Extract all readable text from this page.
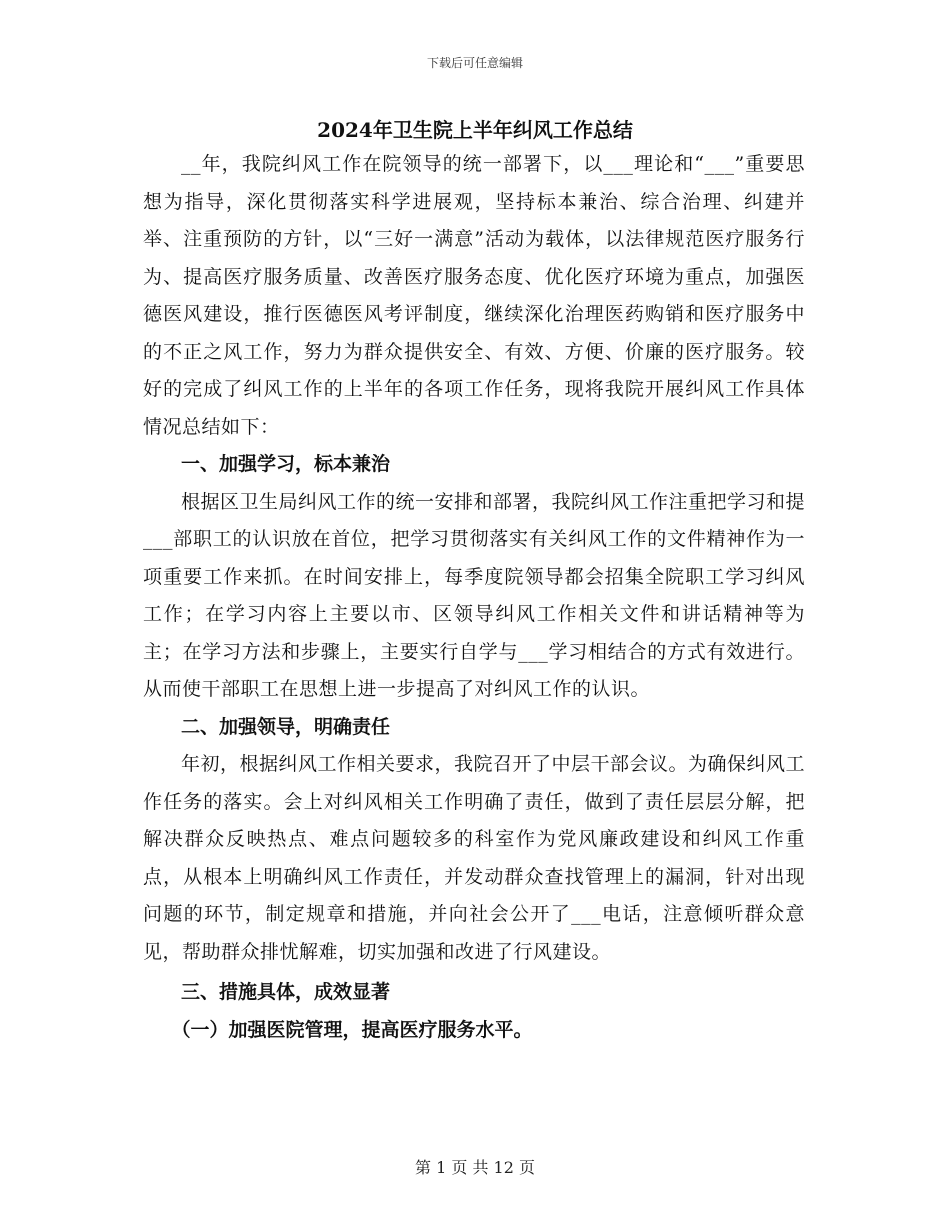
下载后可任意编辑
2024年卫生院上半年纠风工作总结

__年，我院纠风工作在院领导的统一部署下，以___理论和“___”重要思想为指导，深化贯彻落实科学进展观，坚持标本兼治、综合治理、纠建并举、注重预防的方针，以“三好一满意”活动为载体，以法律规范医疗服务行为、提高医疗服务质量、改善医疗服务态度、优化医疗环境为重点，加强医德医风建设，推行医德医风考评制度，继续深化治理医药购销和医疗服务中的不正之风工作，努力为群众提供安全、有效、方便、价廉的医疗服务。较好的完成了纠风工作的上半年的各项工作任务，现将我院开展纠风工作具体情况总结如下：

一、加强学习，标本兼治

根据区卫生局纠风工作的统一安排和部署，我院纠风工作注重把学习和提___部职工的认识放在首位，把学习贯彻落实有关纠风工作的文件精神作为一项重要工作来抓。在时间安排上，每季度院领导都会招集全院职工学习纠风工作；在学习内容上主要以市、区领导纠风工作相关文件和讲话精神等为主；在学习方法和步骤上，主要实行自学与___学习相结合的方式有效进行。从而使干部职工在思想上进一步提高了对纠风工作的认识。

二、加强领导，明确责任

年初，根据纠风工作相关要求，我院召开了中层干部会议。为确保纠风工作任务的落实。会上对纠风相关工作明确了责任，做到了责任层层分解，把解决群众反映热点、难点问题较多的科室作为党风廉政建设和纠风工作重点，从根本上明确纠风工作责任，并发动群众查找管理上的漏洞，针对出现问题的环节，制定规章和措施，并向社会公开了___电话，注意倾听群众意见，帮助群众排忧解难，切实加强和改进了行风建设。

三、措施具体，成效显著

（一）加强医院管理，提高医疗服务水平。

第 1 页 共 12 页
